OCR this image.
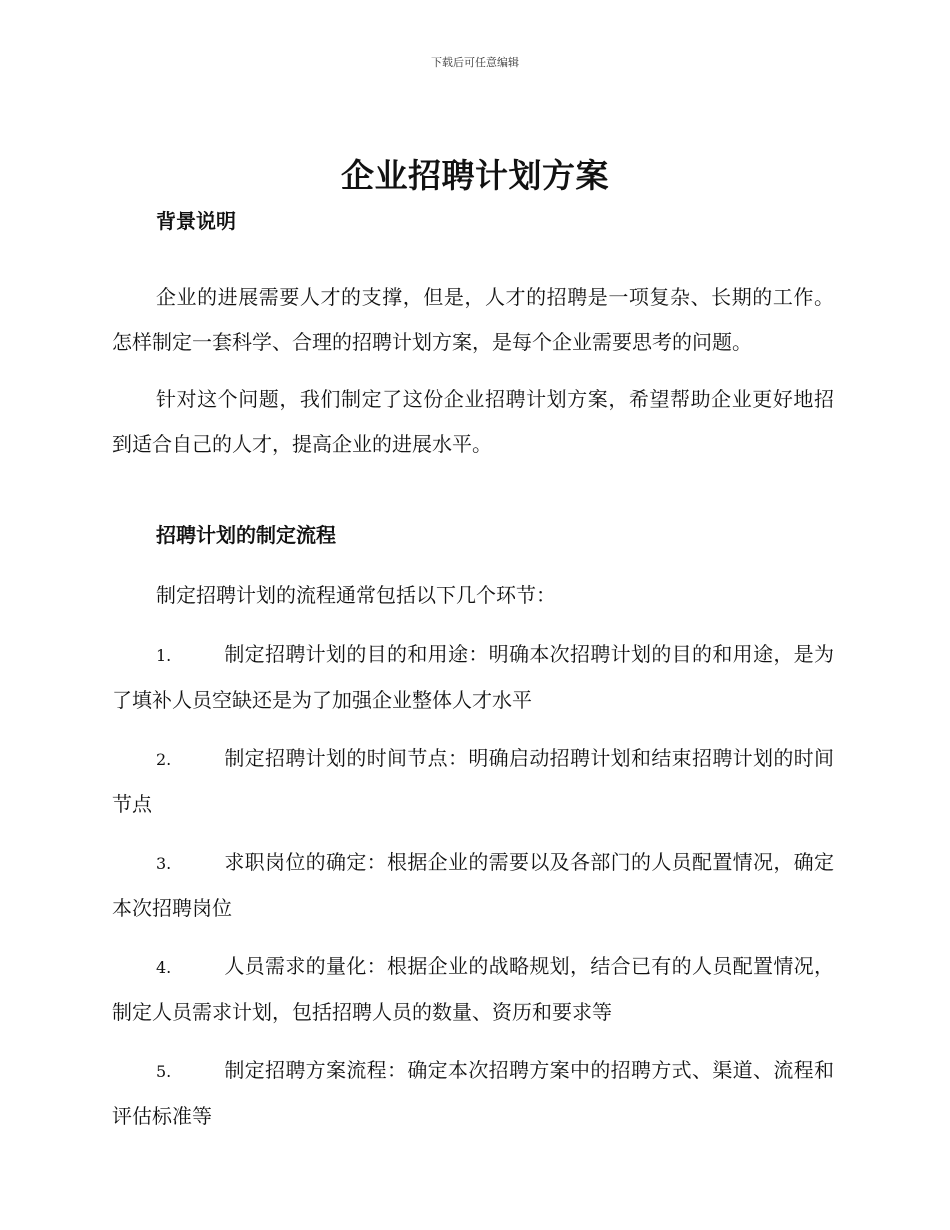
下载后可任意编辑
企业招聘计划方案
背景说明

企业的进展需要人才的支撑，但是，人才的招聘是一项复杂、长期的工作。怎样制定一套科学、合理的招聘计划方案，是每个企业需要思考的问题。

针对这个问题，我们制定了这份企业招聘计划方案，希望帮助企业更好地招到适合自己的人才，提高企业的进展水平。

招聘计划的制定流程

制定招聘计划的流程通常包括以下几个环节：

1.	制定招聘计划的目的和用途：明确本次招聘计划的目的和用途，是为了填补人员空缺还是为了加强企业整体人才水平
2.	制定招聘计划的时间节点：明确启动招聘计划和结束招聘计划的时间节点
3.	求职岗位的确定：根据企业的需要以及各部门的人员配置情况，确定本次招聘岗位
4.	人员需求的量化：根据企业的战略规划，结合已有的人员配置情况，制定人员需求计划，包括招聘人员的数量、资历和要求等
5.	制定招聘方案流程：确定本次招聘方案中的招聘方式、渠道、流程和评估标准等
